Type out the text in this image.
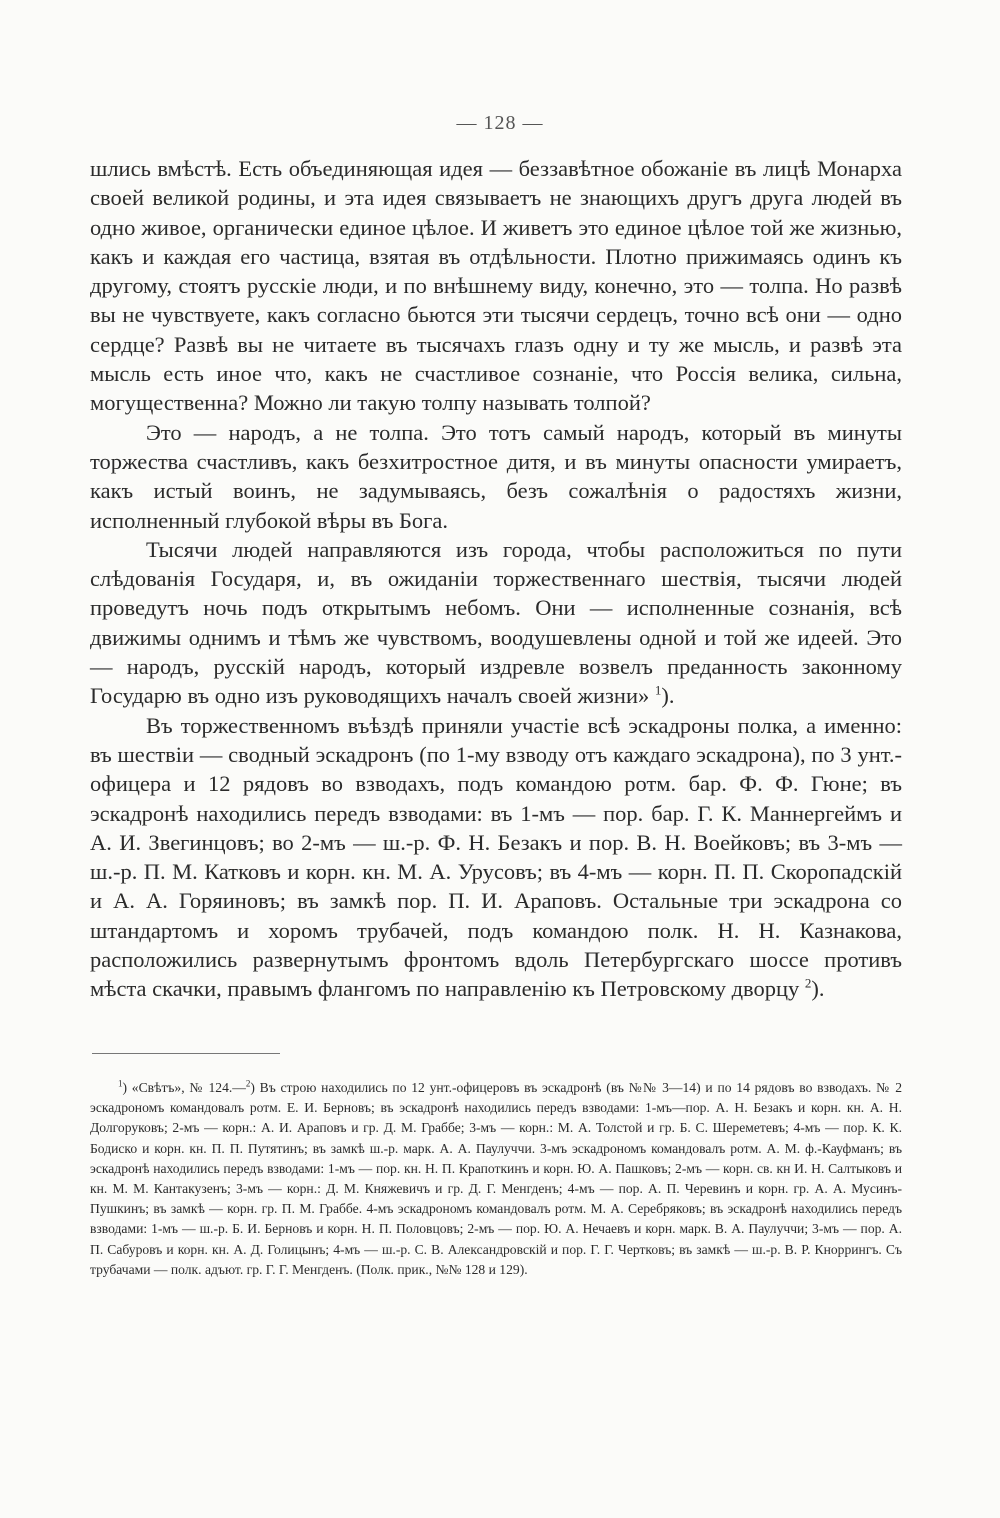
— 128 —

шлись вмѣстѣ. Есть объединяющая идея — беззавѣтное обожаніе въ лицѣ Монарха своей великой родины, и эта идея связываетъ не знающихъ другъ друга людей въ одно живое, органически единое цѣлое. И живетъ это единое цѣлое той же жизнью, какъ и каждая его частица, взятая въ отдѣльности. Плотно прижимаясь одинъ къ другому, стоятъ русскіе люди, и по внѣшнему виду, конечно, это — толпа. Но развѣ вы не чувствуете, какъ согласно бьются эти тысячи сердецъ, точно всѣ они — одно сердце? Развѣ вы не читаете въ тысячахъ глазъ одну и ту же мысль, и развѣ эта мысль есть иное что, какъ не счастливое сознаніе, что Россія велика, сильна, могущественна? Можно ли такую толпу называть толпой?

Это — народъ, а не толпа. Это тотъ самый народъ, который въ минуты торжества счастливъ, какъ безхитростное дитя, и въ минуты опасности умираетъ, какъ истый воинъ, не задумываясь, безъ сожалѣнія о радостяхъ жизни, исполненный глубокой вѣры въ Бога.

Тысячи людей направляются изъ города, чтобы расположиться по пути слѣдованія Государя, и, въ ожиданіи торжественнаго шествія, тысячи людей проведутъ ночь подъ открытымъ небомъ. Они — исполненные сознанія, всѣ движимы однимъ и тѣмъ же чувствомъ, воодушевлены одной и той же идеей. Это — народъ, русскій народъ, который издревле возвелъ преданность законному Государю въ одно изъ руководящихъ началъ своей жизни» $^1$).

Въ торжественномъ въѣздѣ приняли участіе всѣ эскадроны полка, а именно: въ шествіи — сводный эскадронъ (по 1-му взводу отъ каждаго эскадрона), по 3 унт.-офицера и 12 рядовъ во взводахъ, подъ командою ротм. бар. Ф. Ф. Гюне; въ эскадронѣ находились передъ взводами: въ 1-мъ — пор. бар. Г. К. Маннергеймъ и А. И. Звегинцовъ; во 2-мъ — ш.-р. Ф. Н. Безакъ и пор. В. Н. Воейковъ; въ 3-мъ — ш.-р. П. М. Катковъ и корн. кн. М. А. Урусовъ; въ 4-мъ — корн. П. П. Скоропадскій и А. А. Горяиновъ; въ замкѣ пор. П. И. Араповъ. Остальные три эскадрона со штандартомъ и хоромъ трубачей, подъ командою полк. Н. Н. Казнакова, расположились развернутымъ фронтомъ вдоль Петербургскаго шоссе противъ мѣста скачки, правымъ флангомъ по направленію къ Петровскому дворцу $^2$).

$^1$) «Свѣтъ», № 124.—$^2$) Въ строю находились по 12 унт.-офицеровъ въ эскадронѣ (въ №№ 3—14) и по 14 рядовъ во взводахъ. № 2 эскадрономъ командовалъ ротм. Е. И. Берновъ; въ эскадронѣ находились передъ взводами: 1-мъ—пор. А. Н. Безакъ и корн. кн. А. Н. Долгоруковъ; 2-мъ — корн.: А. И. Араповъ и гр. Д. М. Граббе; 3-мъ — корн.: М. А. Толстой и гр. Б. С. Шереметевъ; 4-мъ — пор. К. К. Бодиско и корн. кн. П. П. Путятинъ; въ замкѣ ш.-р. марк. А. А. Паулуччи. 3-мъ эскадрономъ командовалъ ротм. А. М. ф.-Кауфманъ; въ эскадронѣ находились передъ взводами: 1-мъ — пор. кн. Н. П. Крапоткинъ и корн. Ю. А. Пашковъ; 2-мъ — корн. св. кн И. Н. Салтыковъ и кн. М. М. Кантакузенъ; 3-мъ — корн.: Д. М. Княжевичъ и гр. Д. Г. Менгденъ; 4-мъ — пор. А. П. Черевинъ и корн. гр. А. А. Мусинъ-Пушкинъ; въ замкѣ — корн. гр. П. М. Граббе. 4-мъ эскадрономъ командовалъ ротм. М. А. Серебряковъ; въ эскадронѣ находились передъ взводами: 1-мъ — ш.-р. Б. И. Берновъ и корн. Н. П. Половцовъ; 2-мъ — пор. Ю. А. Нечаевъ и корн. марк. В. А. Паулуччи; 3-мъ — пор. А. П. Сабуровъ и корн. кн. А. Д. Голицынъ; 4-мъ — ш.-р. С. В. Александровскій и пор. Г. Г. Чертковъ; въ замкѣ — ш.-р. В. Р. Кноррингъ. Съ трубачами — полк. адъют. гр. Г. Г. Менгденъ. (Полк. прик., №№ 128 и 129).
